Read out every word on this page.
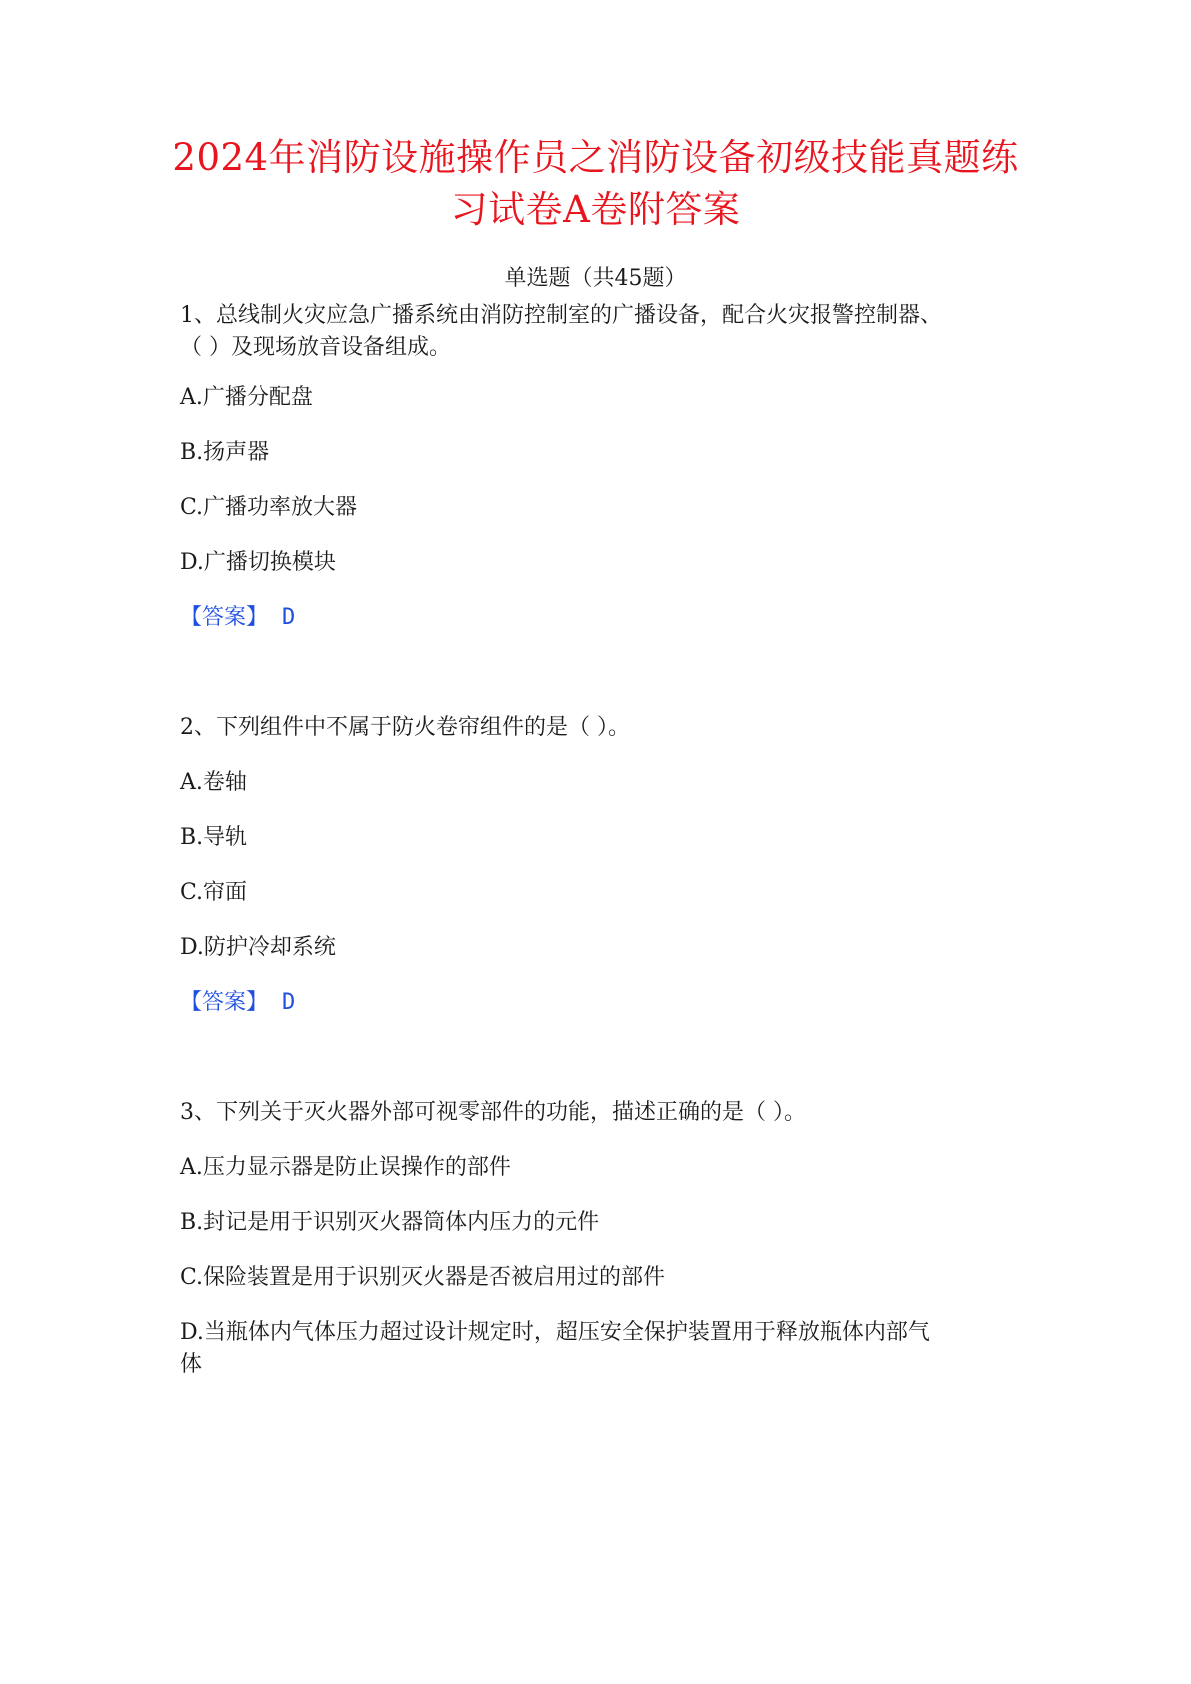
2024年消防设施操作员之消防设备初级技能真题练
习试卷A卷附答案
单选题（共45题）
1、总线制火灾应急广播系统由消防控制室的广播设备，配合火灾报警控制器、
（ ）及现场放音设备组成。
A.广播分配盘
B.扬声器
C.广播功率放大器
D.广播切换模块
【答案】 D
2、下列组件中不属于防火卷帘组件的是（ ）。
A.卷轴
B.导轨
C.帘面
D.防护冷却系统
【答案】 D
3、下列关于灭火器外部可视零部件的功能，描述正确的是（ ）。
A.压力显示器是防止误操作的部件
B.封记是用于识别灭火器筒体内压力的元件
C.保险装置是用于识别灭火器是否被启用过的部件
D.当瓶体内气体压力超过设计规定时，超压安全保护装置用于释放瓶体内部气
体
